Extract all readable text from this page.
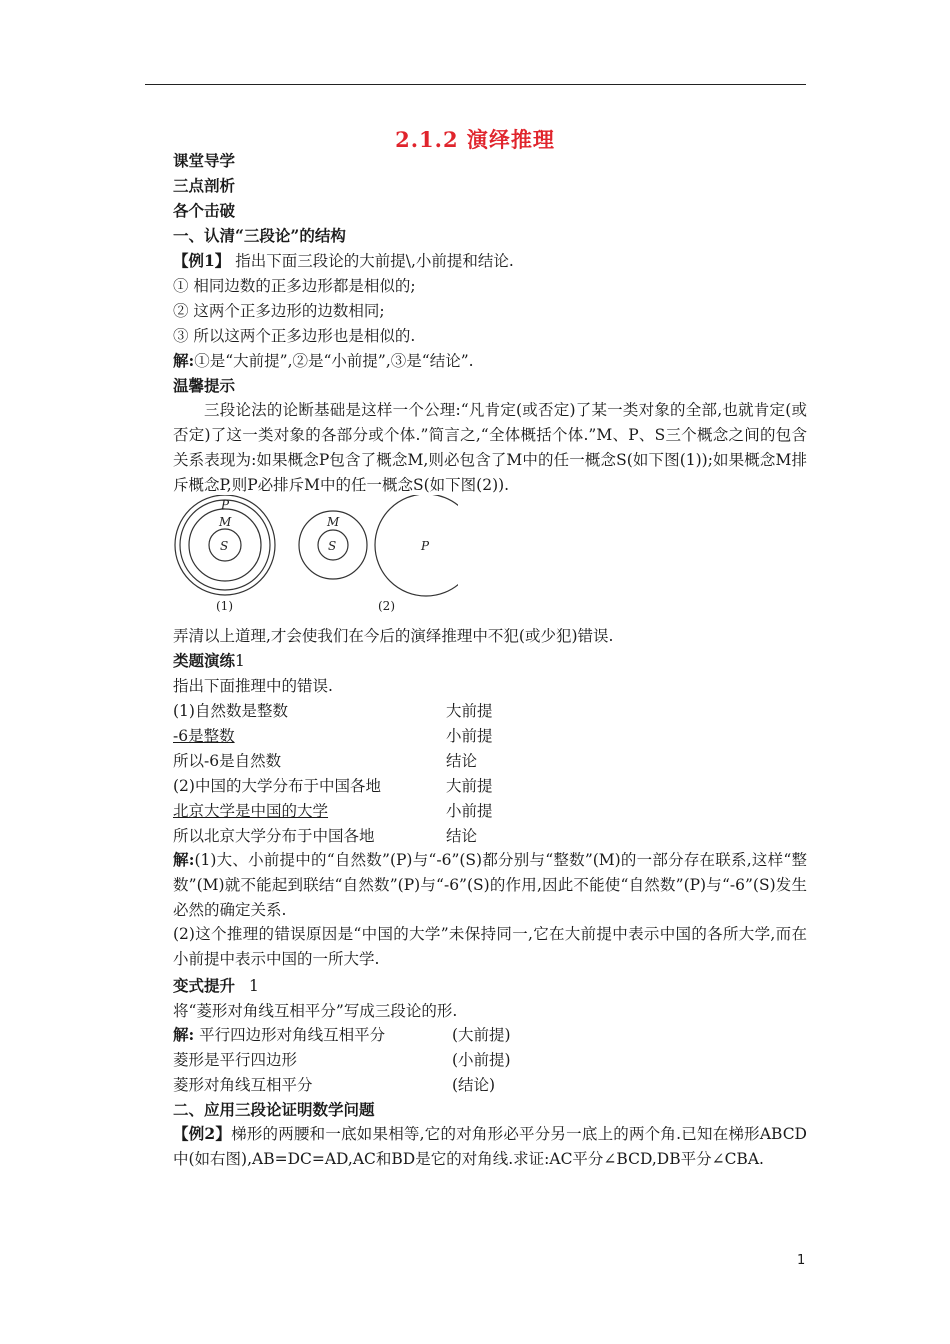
2.1.2 演绎推理
课堂导学
三点剖析
各个击破
一、认清“三段论”的结构
【例1】 指出下面三段论的大前提\,小前提和结论.
① 相同边数的正多边形都是相似的;
② 这两个正多边形的边数相同;
③ 所以这两个正多边形也是相似的.
解:①是“大前提”,②是“小前提”,③是“结论”.
温馨提示
三段论法的论断基础是这样一个公理:“凡肯定(或否定)了某一类对象的全部,也就肯定(或否定)了这一类对象的各部分或个体.”简言之,“全体概括个体.”M、P、S三个概念之间的包含关系表现为:如果概念P包含了概念M,则必包含了M中的任一概念S(如下图(1));如果概念M排斥概念P,则P必排斥M中的任一概念S(如下图(2)).
P
M
S
M
S	P
(1)	(2)
弄清以上道理,才会使我们在今后的演绎推理中不犯(或少犯)错误.
类题演练1
指出下面推理中的错误.
(1)自然数是整数	大前提
-6是整数	小前提
所以-6是自然数	结论
(2)中国的大学分布于中国各地	大前提
北京大学是中国的大学	小前提
所以北京大学分布于中国各地	结论
解:(1)大、小前提中的“自然数”(P)与“-6”(S)都分别与“整数”(M)的一部分存在联系,这样“整数”(M)就不能起到联结“自然数”(P)与“-6”(S)的作用,因此不能使“自然数”(P)与“-6”(S)发生必然的确定关系.
(2)这个推理的错误原因是“中国的大学”未保持同一,它在大前提中表示中国的各所大学,而在小前提中表示中国的一所大学.
变式提升 1
将“菱形对角线互相平分”写成三段论的形.
解: 平行四边形对角线互相平分	(大前提)
菱形是平行四边形	(小前提)
菱形对角线互相平分	(结论)
二、应用三段论证明数学问题
【例2】梯形的两腰和一底如果相等,它的对角形必平分另一底上的两个角.已知在梯形ABCD中(如右图),AB=DC=AD,AC和BD是它的对角线.求证:AC平分∠BCD,DB平分∠CBA.
1
